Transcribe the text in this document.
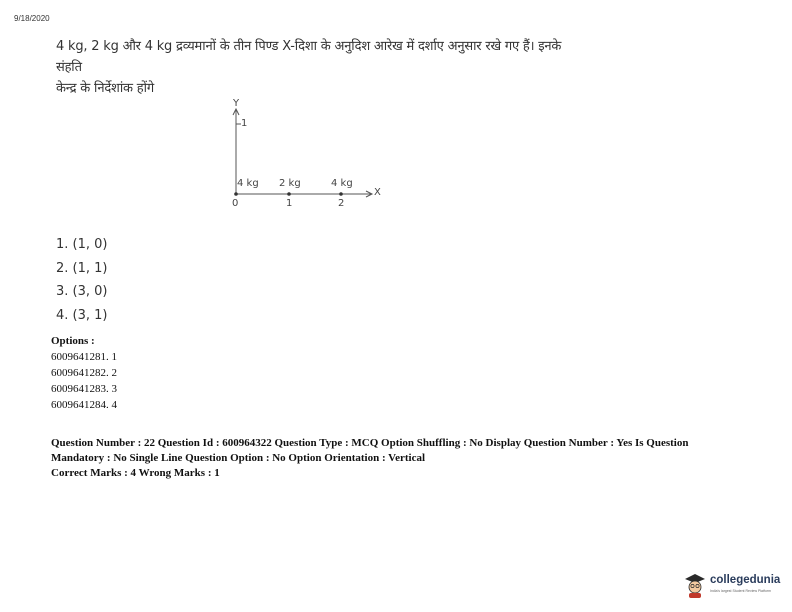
9/18/2020
4 kg, 2 kg और 4 kg द्रव्यमानों के तीन पिण्ड X-दिशा के अनुदिश आरेख में दर्शाए अनुसार रखे गए हैं। इनके संहति
केन्द्र के निर्देशांक होंगे
Y
1
X
4 kg 2 kg	4 kg
0	1	2
1. (1, 0)
2. (1, 1)
3. (3, 0)
4. (3, 1)
Options :
6009641281. 1
6009641282. 2
6009641283. 3
6009641284. 4
Question Number : 22 Question Id : 600964322 Question Type : MCQ Option Shuffling : No Display Question Number : Yes Is Question
Mandatory : No Single Line Question Option : No Option Orientation : Vertical
Correct Marks : 4 Wrong Marks : 1
collegedunia
India's largest Student Review Platform
